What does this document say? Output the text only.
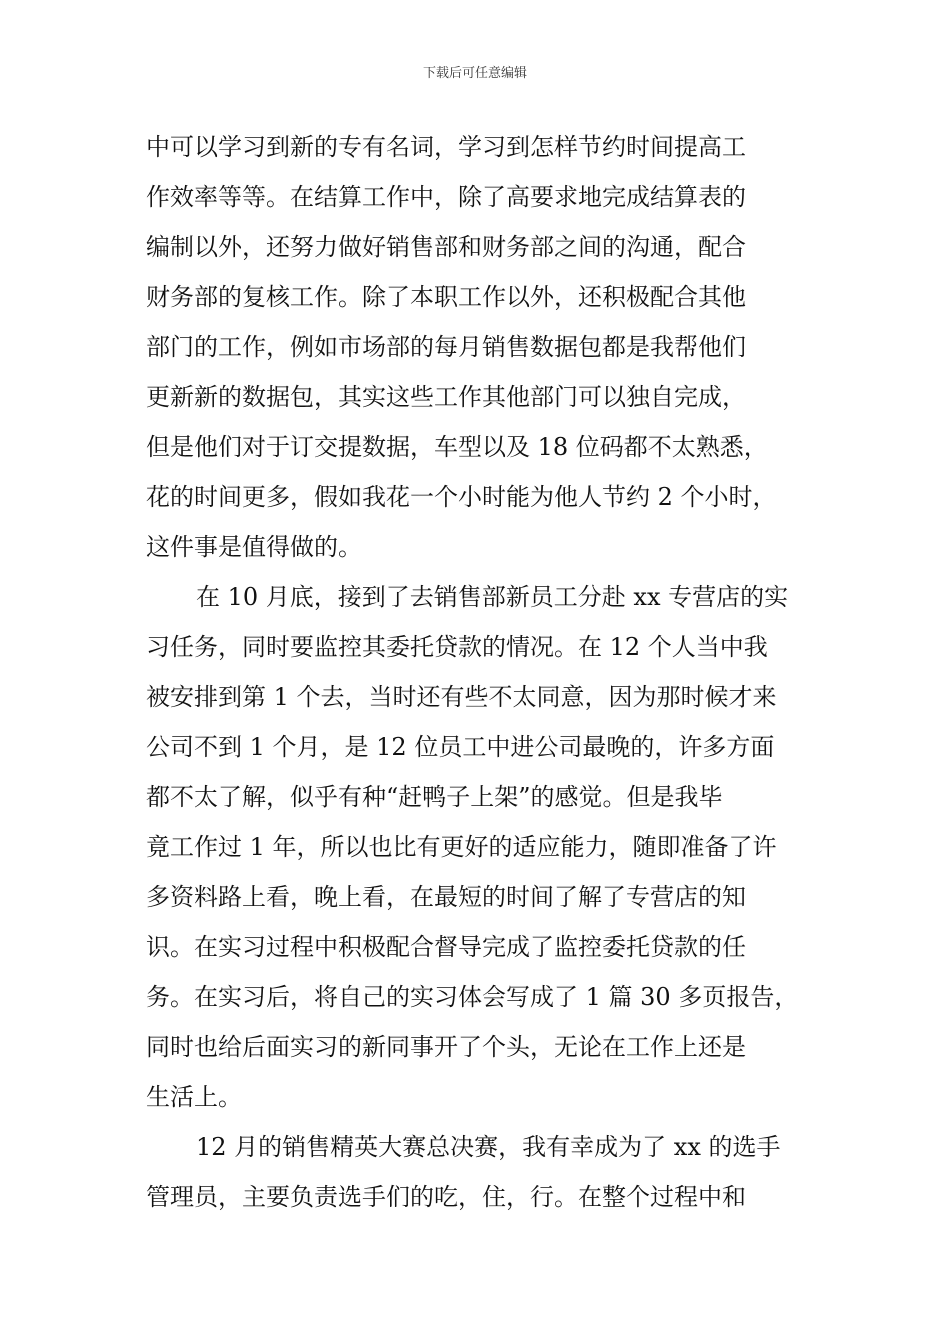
下载后可任意编辑
中可以学习到新的专有名词，学习到怎样节约时间提高工
作效率等等。在结算工作中，除了高要求地完成结算表的
编制以外，还努力做好销售部和财务部之间的沟通，配合
财务部的复核工作。除了本职工作以外，还积极配合其他
部门的工作，例如市场部的每月销售数据包都是我帮他们
更新新的数据包，其实这些工作其他部门可以独自完成，
但是他们对于订交提数据，车型以及 18 位码都不太熟悉，
花的时间更多，假如我花一个小时能为他人节约 2 个小时，
这件事是值得做的。
在 10 月底，接到了去销售部新员工分赴 xx 专营店的实
习任务，同时要监控其委托贷款的情况。在 12 个人当中我
被安排到第 1 个去，当时还有些不太同意，因为那时候才来
公司不到 1 个月，是 12 位员工中进公司最晚的，许多方面
都不太了解，似乎有种“赶鸭子上架”的感觉。但是我毕
竟工作过 1 年，所以也比有更好的适应能力，随即准备了许
多资料路上看，晚上看，在最短的时间了解了专营店的知
识。在实习过程中积极配合督导完成了监控委托贷款的任
务。在实习后，将自己的实习体会写成了 1 篇 30 多页报告，
同时也给后面实习的新同事开了个头，无论在工作上还是
生活上。
12 月的销售精英大赛总决赛，我有幸成为了 xx 的选手
管理员，主要负责选手们的吃，住，行。在整个过程中和
